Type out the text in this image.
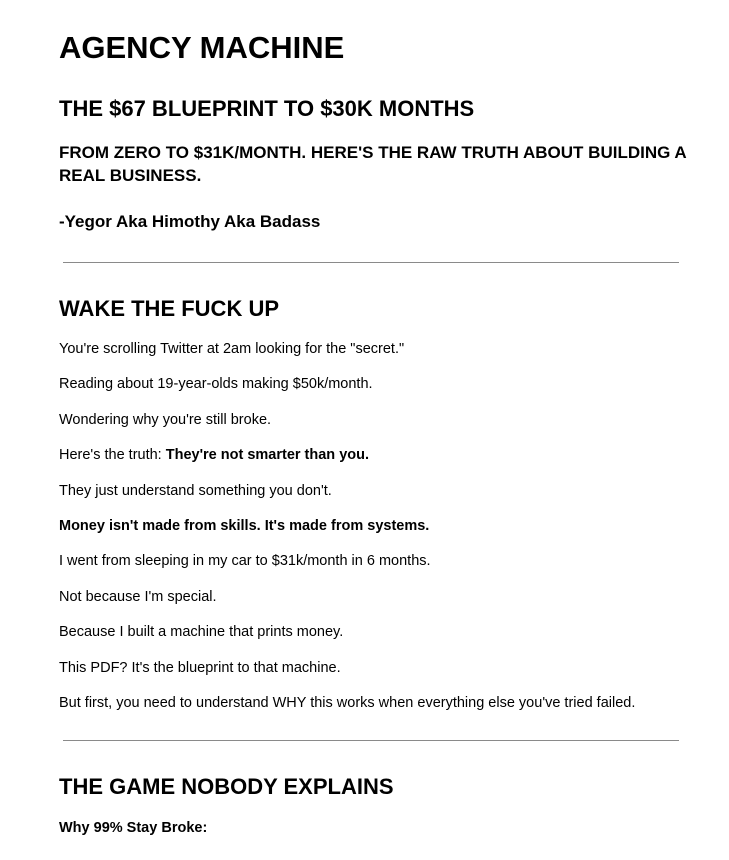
AGENCY MACHINE
THE $67 BLUEPRINT TO $30K MONTHS

FROM ZERO TO $31K/MONTH. HERE'S THE RAW TRUTH ABOUT BUILDING A REAL BUSINESS.

-Yegor Aka Himothy Aka Badass

WAKE THE FUCK UP

You're scrolling Twitter at 2am looking for the "secret."

Reading about 19-year-olds making $50k/month.

Wondering why you're still broke.

Here's the truth: They're not smarter than you.

They just understand something you don't.

Money isn't made from skills. It's made from systems.

I went from sleeping in my car to $31k/month in 6 months.

Not because I'm special.

Because I built a machine that prints money.

This PDF? It's the blueprint to that machine.

But first, you need to understand WHY this works when everything else you've tried failed.

THE GAME NOBODY EXPLAINS

Why 99% Stay Broke:
